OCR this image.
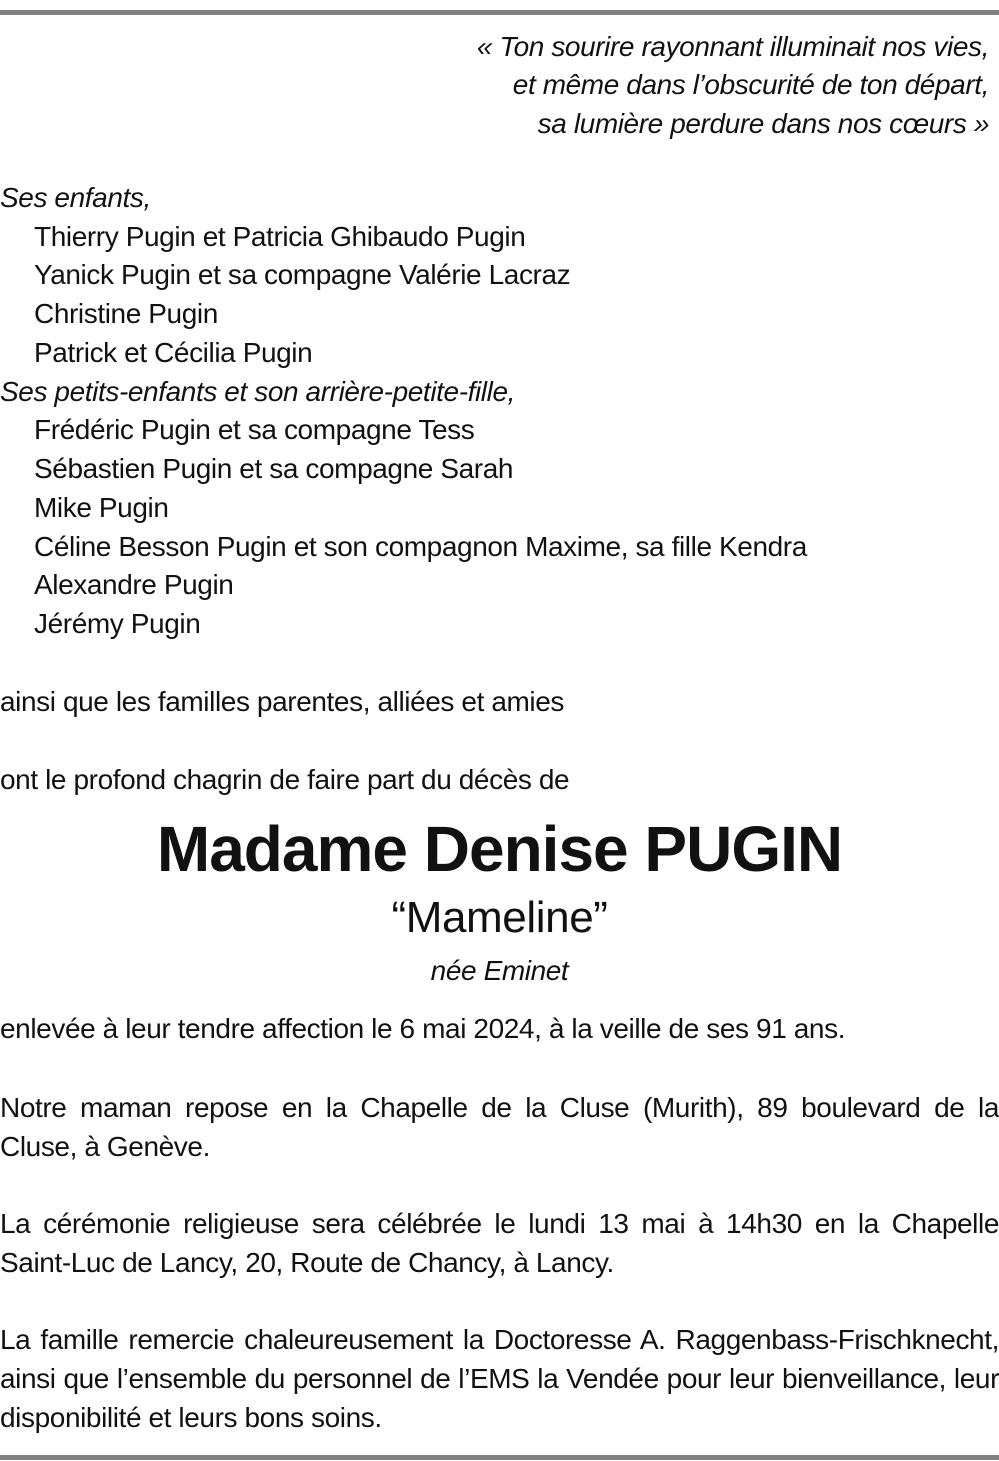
« Ton sourire rayonnant illuminait nos vies,
et même dans l’obscurité de ton départ,
sa lumière perdure dans nos cœurs »
Ses enfants,
Thierry Pugin et Patricia Ghibaudo Pugin
Yanick Pugin et sa compagne Valérie Lacraz
Christine Pugin
Patrick et Cécilia Pugin
Ses petits-enfants et son arrière-petite-fille,
Frédéric Pugin et sa compagne Tess
Sébastien Pugin et sa compagne Sarah
Mike Pugin
Céline Besson Pugin et son compagnon Maxime, sa fille Kendra
Alexandre Pugin
Jérémy Pugin
ainsi que les familles parentes, alliées et amies
ont le profond chagrin de faire part du décès de
Madame Denise PUGIN
“Mameline”
née Eminet
enlevée à leur tendre affection le 6 mai 2024, à la veille de ses 91 ans.
Notre maman repose en la Chapelle de la Cluse (Murith), 89 boulevard de la Cluse, à Genève.
La cérémonie religieuse sera célébrée le lundi 13 mai à 14h30 en la Chapelle Saint-Luc de Lancy, 20, Route de Chancy, à Lancy.
La famille remercie chaleureusement la Doctoresse A. Raggenbass-Frischknecht, ainsi que l’ensemble du personnel de l’EMS la Vendée pour leur bienveillance, leur disponibilité et leurs bons soins.
